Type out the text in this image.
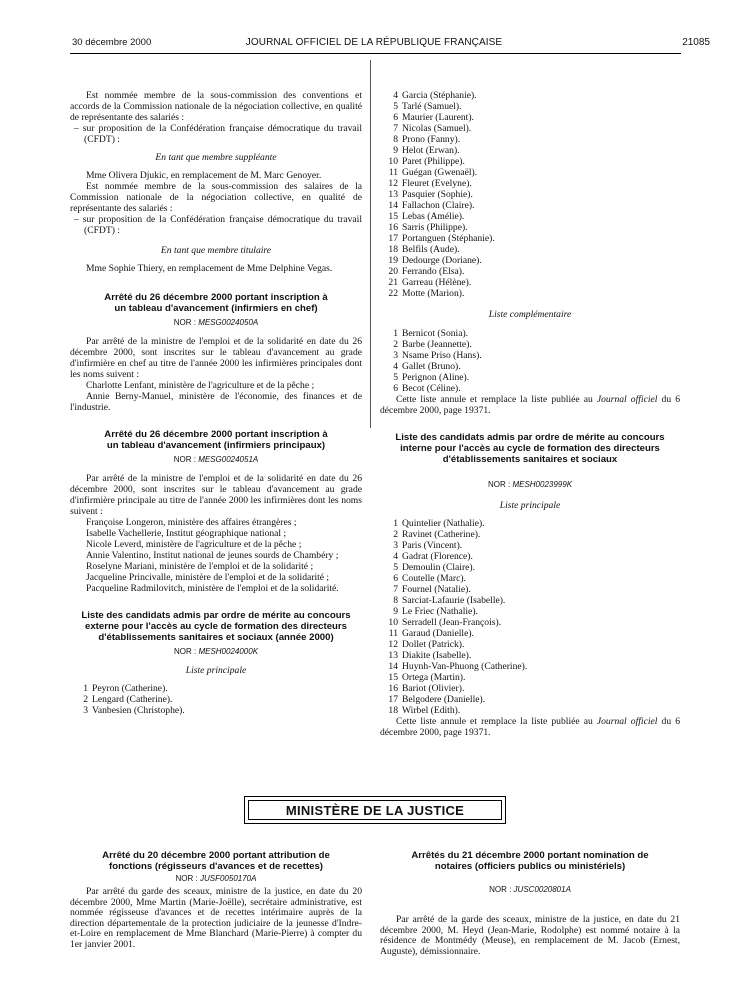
30 décembre 2000	JOURNAL OFFICIEL DE LA RÉPUBLIQUE FRANÇAISE	21085

Est nommée membre de la sous-commission des conventions et accords de la Commission nationale de la négociation collective, en qualité de représentante des salariés :

– sur proposition de la Confédération française démocratique du travail (CFDT) :

En tant que membre suppléante

Mme Olivera Djukic, en remplacement de M. Marc Genoyer.

Est nommée membre de la sous-commission des salaires de la Commission nationale de la négociation collective, en qualité de représentante des salariés :

– sur proposition de la Confédération française démocratique du travail (CFDT) :

En tant que membre titulaire

Mme Sophie Thiery, en remplacement de Mme Delphine Vegas.

Arrêté du 26 décembre 2000 portant inscription à un tableau d'avancement (infirmiers en chef)

NOR : MESG0024050A

Par arrêté de la ministre de l'emploi et de la solidarité en date du 26 décembre 2000, sont inscrites sur le tableau d'avancement au grade d'infirmière en chef au titre de l'année 2000 les infirmières principales dont les noms suivent :

Charlotte Lenfant, ministère de l'agriculture et de la pêche ;

Annie Berny-Manuel, ministère de l'économie, des finances et de l'industrie.

Arrêté du 26 décembre 2000 portant inscription à un tableau d'avancement (infirmiers principaux)

NOR : MESG0024051A

Par arrêté de la ministre de l'emploi et de la solidarité en date du 26 décembre 2000, sont inscrites sur le tableau d'avancement au grade d'infirmière principale au titre de l'année 2000 les infirmières dont les noms suivent :

Françoise Longeron, ministère des affaires étrangères ;

Isabelle Vachellerie, Institut géographique national ;

Nicole Leverd, ministère de l'agriculture et de la pêche ;

Annie Valentino, Institut national de jeunes sourds de Chambéry ;

Roselyne Mariani, ministère de l'emploi et de la solidarité ;

Jacqueline Princivalle, ministère de l'emploi et de la solidarité ;

Pacqueline Radmilovitch, ministère de l'emploi et de la solidarité.

Liste des candidats admis par ordre de mérite au concours externe pour l'accès au cycle de formation des directeurs d'établissements sanitaires et sociaux (année 2000)

NOR : MESH0024000K

Liste principale

1 Peyron (Catherine).
2 Lengard (Catherine).
3 Vanbesien (Christophe).
4 Garcia (Stéphanie).
5 Tarlé (Samuel).
6 Maurier (Laurent).
7 Nicolas (Samuel).
8 Prono (Fanny).
9 Helot (Erwan).
10 Paret (Philippe).
11 Guégan (Gwenaël).
12 Fleuret (Evelyne).
13 Pasquier (Sophie).
14 Fallachon (Claire).
15 Lebas (Amélie).
16 Sarris (Philippe).
17 Portanguen (Stéphanie).
18 Belfils (Aude).
19 Dedourge (Doriane).
20 Ferrando (Elsa).
21 Garreau (Hélène).
22 Motte (Marion).

Liste complémentaire

1 Bernicot (Sonia).
2 Barbe (Jeannette).
3 Nsame Priso (Hans).
4 Gallet (Bruno).
5 Perignon (Aline).
6 Becot (Céline).

Cette liste annule et remplace la liste publiée au Journal officiel du 6 décembre 2000, page 19371.

Liste des candidats admis par ordre de mérite au concours interne pour l'accès au cycle de formation des directeurs d'établissements sanitaires et sociaux

NOR : MESH0023999K

Liste principale

1 Quintelier (Nathalie).
2 Ravinet (Catherine).
3 Paris (Vincent).
4 Gadrat (Florence).
5 Demoulin (Claire).
6 Coutelle (Marc).
7 Fournel (Natalie).
8 Sarciat-Lafaurie (Isabelle).
9 Le Friec (Nathalie).
10 Serradell (Jean-François).
11 Garaud (Danielle).
12 Dollet (Patrick).
13 Diakite (Isabelle).
14 Huynh-Van-Phuong (Catherine).
15 Ortega (Martin).
16 Bariot (Olivier).
17 Belgodere (Danielle).
18 Wirbel (Edith).

Cette liste annule et remplace la liste publiée au Journal officiel du 6 décembre 2000, page 19371.

MINISTÈRE DE LA JUSTICE

Arrêté du 20 décembre 2000 portant attribution de fonctions (régisseurs d'avances et de recettes)

NOR : JUSF0050170A

Par arrêté du garde des sceaux, ministre de la justice, en date du 20 décembre 2000, Mme Martin (Marie-Joëlle), secrétaire administrative, est nommée régisseuse d'avances et de recettes intérimaire auprès de la direction départementale de la protection judiciaire de la jeunesse d'Indre-et-Loire en remplacement de Mme Blanchard (Marie-Pierre) à compter du 1er janvier 2001.

Arrêtés du 21 décembre 2000 portant nomination de notaires (officiers publics ou ministériels)

NOR : JUSC0020801A

Par arrêté de la garde des sceaux, ministre de la justice, en date du 21 décembre 2000, M. Heyd (Jean-Marie, Rodolphe) est nommé notaire à la résidence de Montmédy (Meuse), en remplacement de M. Jacob (Ernest, Auguste), démissionnaire.
